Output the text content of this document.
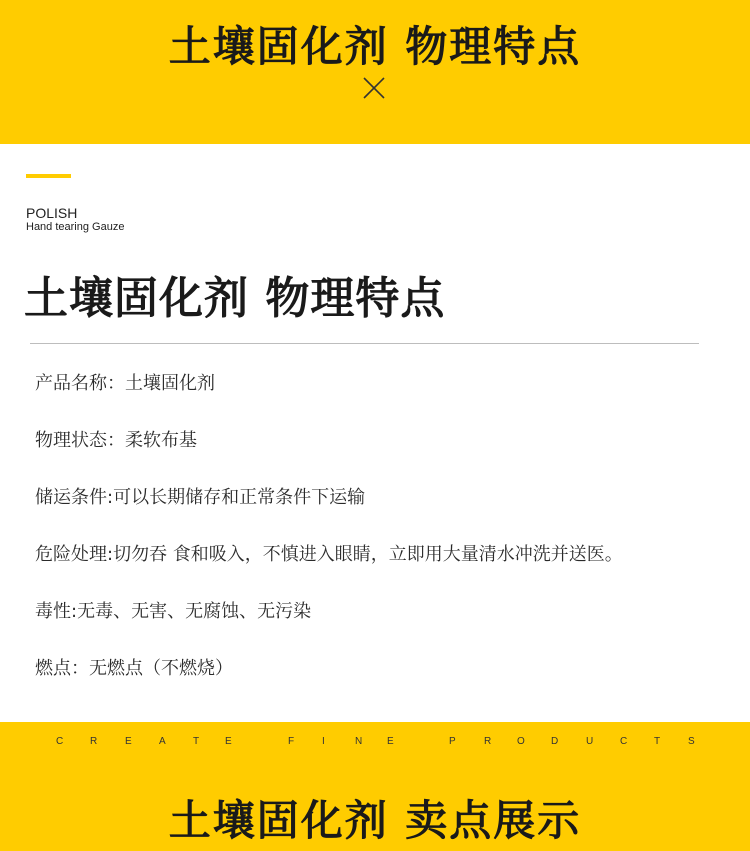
土壤固化剂 物理特点
POLISH
Hand tearing Gauze
土壤固化剂 物理特点
产品名称：土壤固化剂
物理状态：柔软布基
储运条件:可以长期储存和正常条件下运输
危险处理:切勿吞 食和吸入，不慎进入眼睛，立即用大量清水冲洗并送医。
毒性:无毒、无害、无腐蚀、无污染
燃点：无燃点（不燃烧）
C	R	E	A	T	E	F	I	N E	P	R	O	D	U	C	T	S
土壤固化剂 卖点展示
